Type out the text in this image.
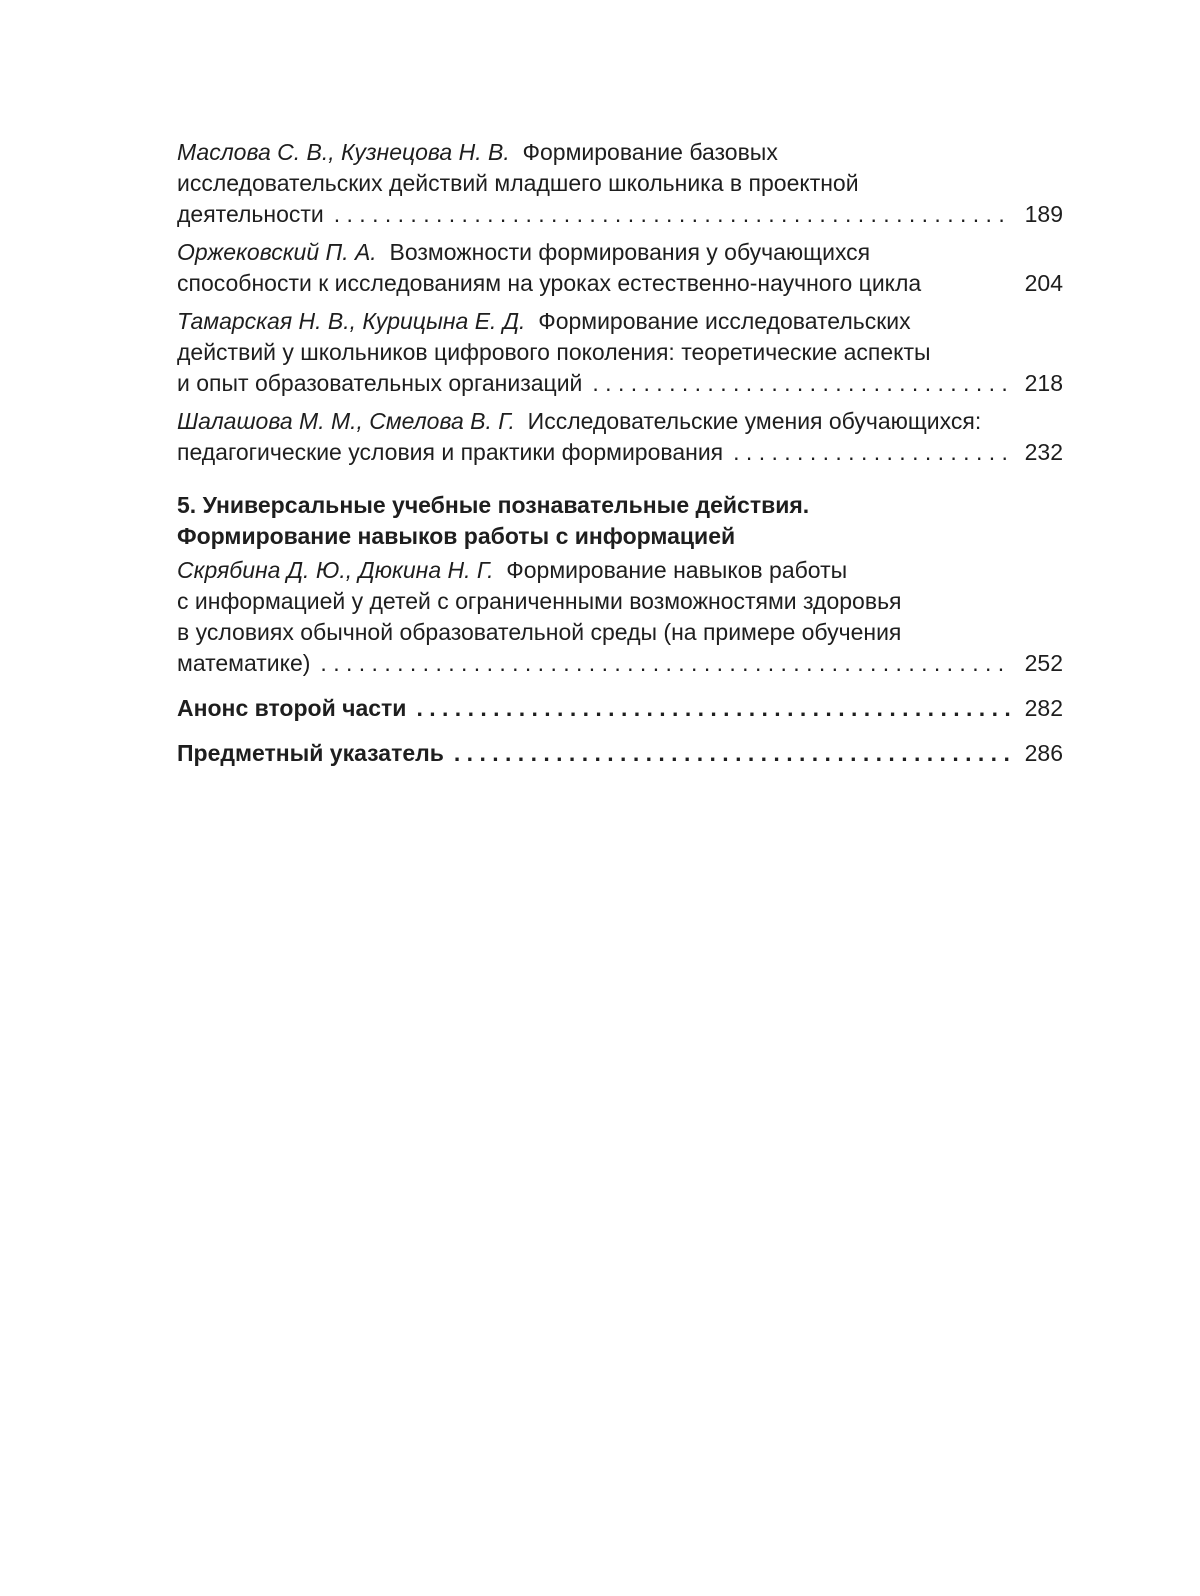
Маслова С. В., Кузнецова Н. В. Формирование базовых
исследовательских действий младшего школьника в проектной
деятельности . . .	189
Оржековский П. А. Возможности формирования у обучающихся
способности к исследованиям на уроках естественно-научного цикла	204
Тамарская Н. В., Курицына Е. Д. Формирование исследовательских
действий у школьников цифрового поколения: теоретические аспекты
и опыт образовательных организаций . . .	218
Шалашова М. М., Смелова В. Г. Исследовательские умения обучающихся:
педагогические условия и практики формирования . . .	232
5. Универсальные учебные познавательные действия.
Формирование навыков работы с информацией
Скрябина Д. Ю., Дюкина Н. Г. Формирование навыков работы
с информацией у детей с ограниченными возможностями здоровья
в условиях обычной образовательной среды (на примере обучения
математике) . . .	252
Анонс второй части . . .	282
Предметный указатель . . .	286
